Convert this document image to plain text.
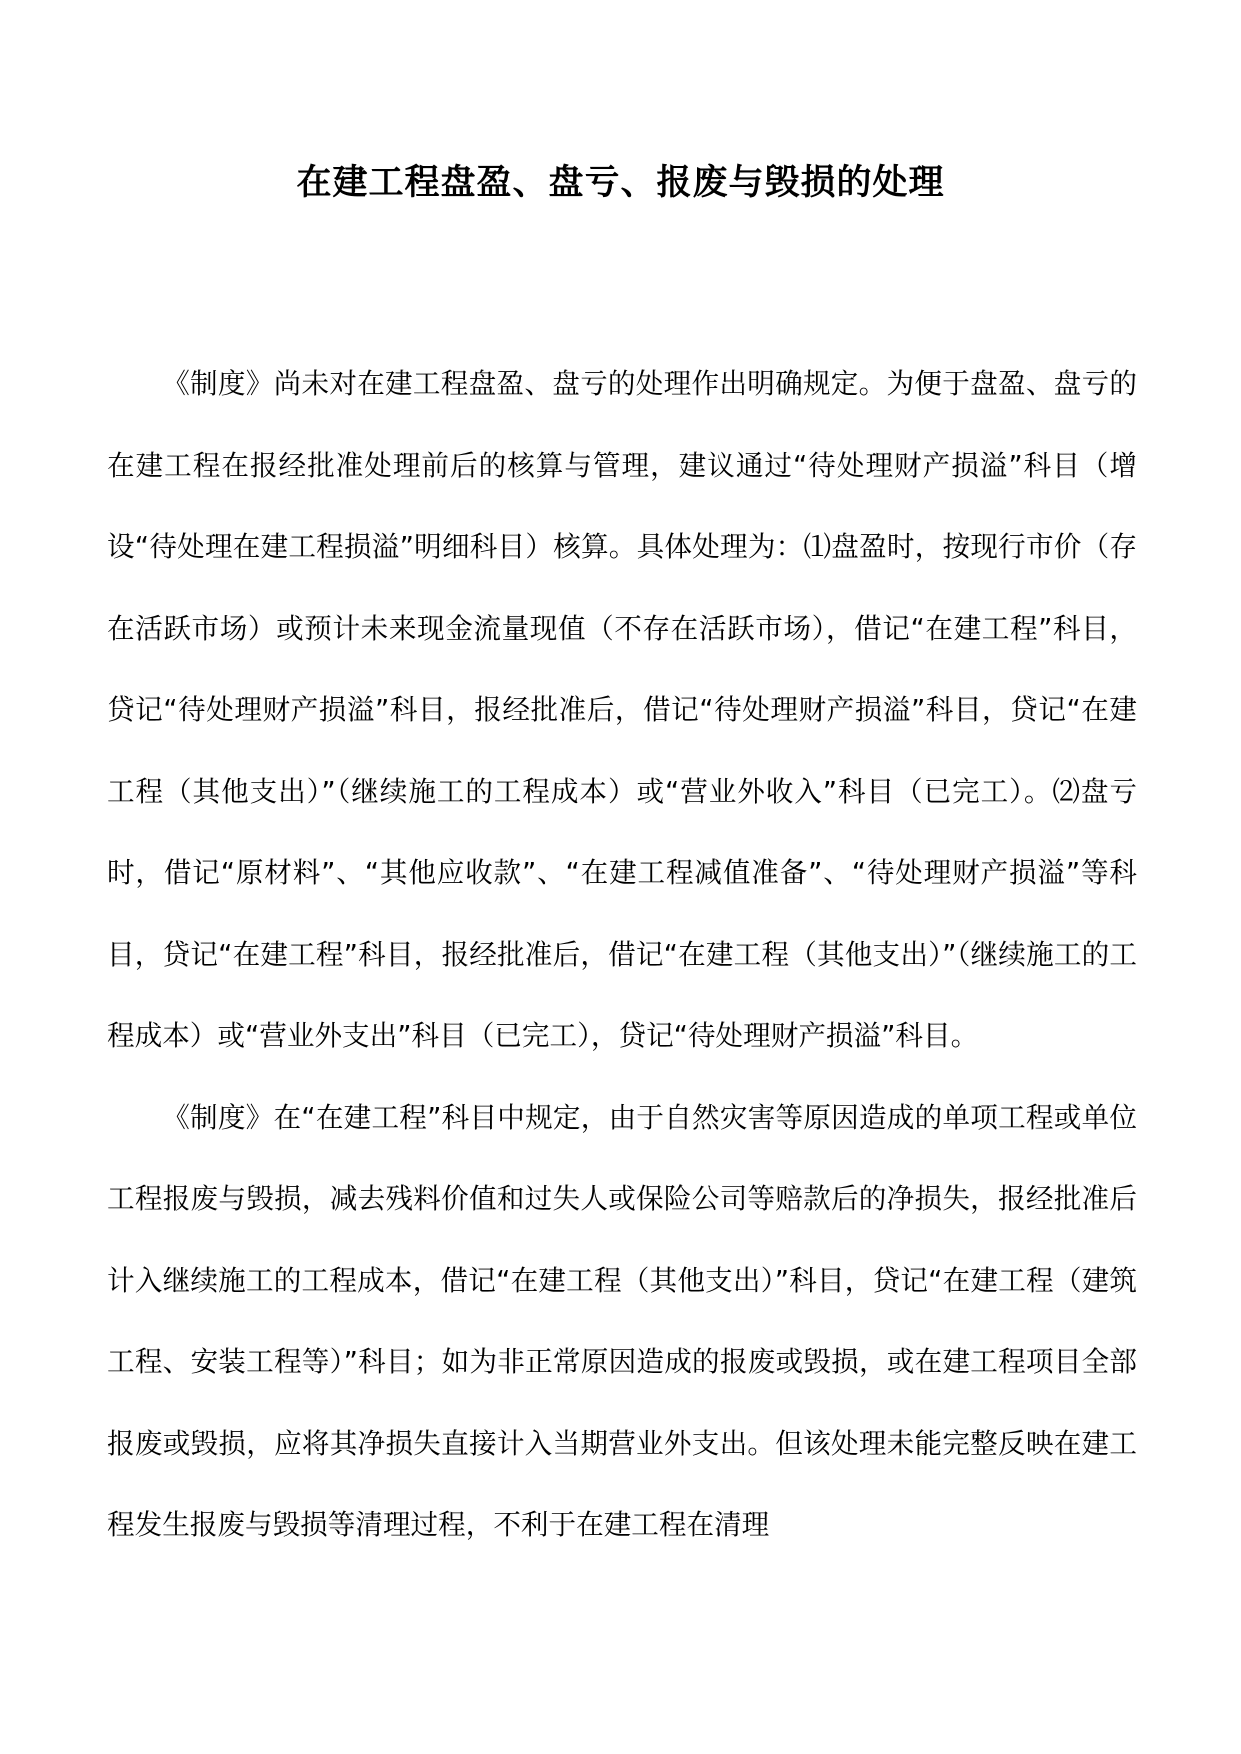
在建工程盘盈、盘亏、报废与毁损的处理

《制度》尚未对在建工程盘盈、盘亏的处理作出明确规定。为便于盘盈、盘亏的在建工程在报经批准处理前后的核算与管理，建议通过“待处理财产损溢”科目（增设“待处理在建工程损溢”明细科目）核算。具体处理为：⑴盘盈时，按现行市价（存在活跃市场）或预计未来现金流量现值（不存在活跃市场），借记“在建工程”科目，贷记“待处理财产损溢”科目，报经批准后，借记“待处理财产损溢”科目，贷记“在建工程（其他支出）”（继续施工的工程成本）或“营业外收入”科目（已完工）。⑵盘亏时，借记“原材料”、“其他应收款”、“在建工程减值准备”、“待处理财产损溢”等科目，贷记“在建工程”科目，报经批准后，借记“在建工程（其他支出）”（继续施工的工程成本）或“营业外支出”科目（已完工），贷记“待处理财产损溢”科目。

《制度》在“在建工程”科目中规定，由于自然灾害等原因造成的单项工程或单位工程报废与毁损，减去残料价值和过失人或保险公司等赔款后的净损失，报经批准后计入继续施工的工程成本，借记“在建工程（其他支出）”科目，贷记“在建工程（建筑工程、安装工程等）”科目；如为非正常原因造成的报废或毁损，或在建工程项目全部报废或毁损，应将其净损失直接计入当期营业外支出。但该处理未能完整反映在建工程发生报废与毁损等清理过程，不利于在建工程在清理
